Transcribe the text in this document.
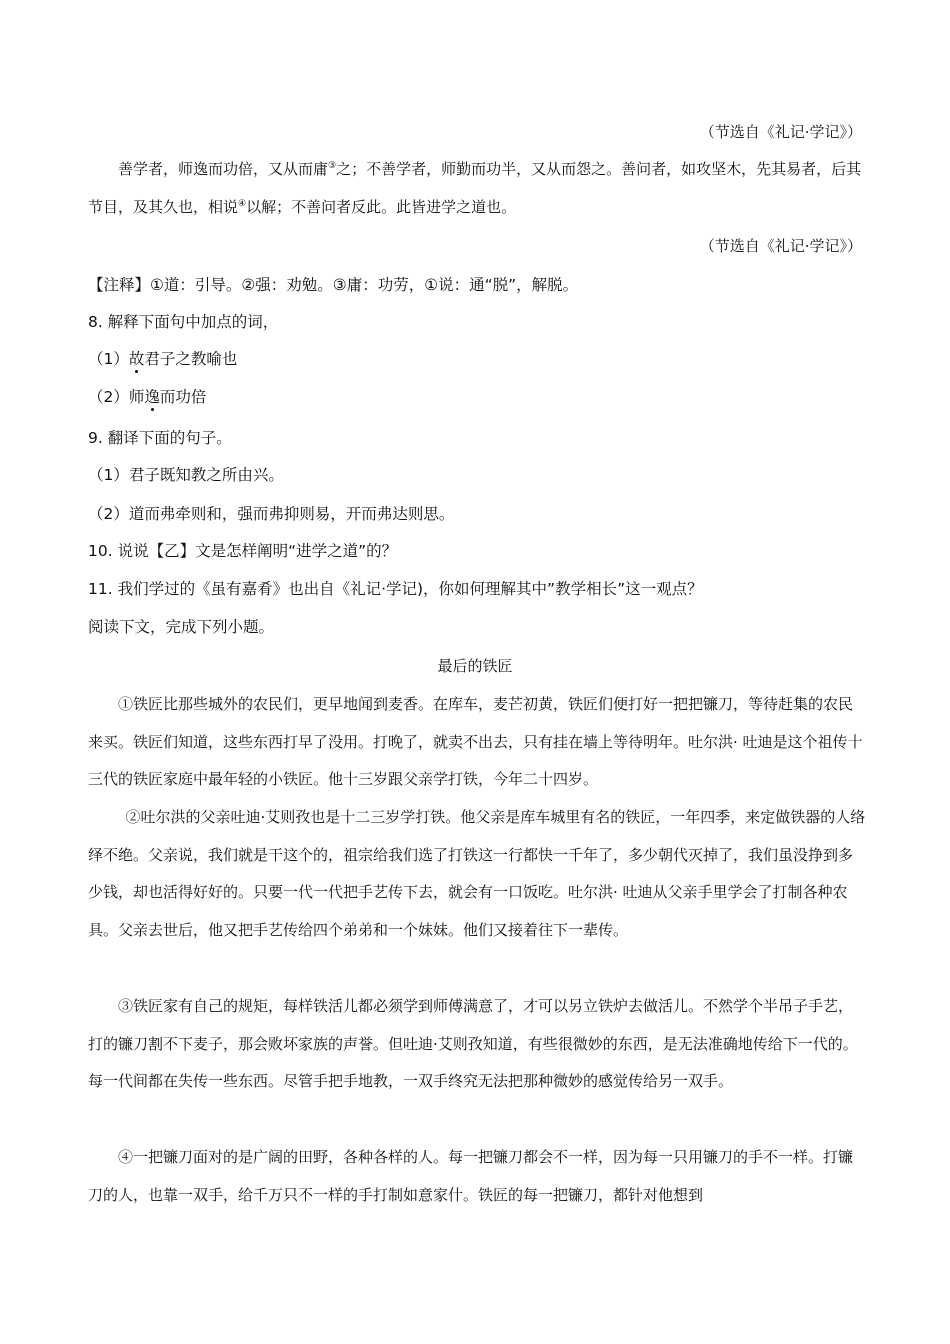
（节选自《礼记·学记》）

善学者，师逸而功倍，又从而庸③之；不善学者，师勤而功半，又从而怨之。善问者，如攻坚木，先其易者，后其节目，及其久也，相说④以解；不善问者反此。此皆进学之道也。

（节选自《礼记·学记》）
【注释】①道：引导。②强：劝勉。③庸：功劳，①说：通“脱”，解脱。
8. 解释下面句中加点的词，
（1）故君子之教喻也
（2）师逸而功倍
9. 翻译下面的句子。
（1）君子既知教之所由兴。
（2）道而弗牵则和，强而弗抑则易，开而弗达则思。
10. 说说【乙】文是怎样阐明“进学之道”的？
11. 我们学过的《虽有嘉肴》也出自《礼记·学记)，你如何理解其中”教学相长”这一观点？
阅读下文，完成下列小题。
最后的铁匠

①铁匠比那些城外的农民们，更早地闻到麦香。在库车，麦芒初黄，铁匠们便打好一把把镰刀，等待赶集的农民来买。铁匠们知道，这些东西打早了没用。打晚了，就卖不出去，只有挂在墙上等待明年。吐尔洪· 吐迪是这个祖传十三代的铁匠家庭中最年轻的小铁匠。他十三岁跟父亲学打铁，今年二十四岁。

②吐尔洪的父亲吐迪·艾则孜也是十二三岁学打铁。他父亲是库车城里有名的铁匠，一年四季，来定做铁器的人络绎不绝。父亲说，我们就是干这个的，祖宗给我们选了打铁这一行都快一千年了，多少朝代灭掉了，我们虽没挣到多少钱，却也活得好好的。只要一代一代把手艺传下去，就会有一口饭吃。吐尔洪· 吐迪从父亲手里学会了打制各种农具。父亲去世后，他又把手艺传给四个弟弟和一个妹妹。他们又接着往下一辈传。

③铁匠家有自己的规矩，每样铁活儿都必须学到师傅满意了，才可以另立铁炉去做活儿。不然学个半吊子手艺，打的镰刀割不下麦子，那会败坏家族的声誉。但吐迪·艾则孜知道，有些很微妙的东西，是无法准确地传给下一代的。每一代间都在失传一些东西。尽管手把手地教，一双手终究无法把那种微妙的感觉传给另一双手。

④一把镰刀面对的是广阔的田野，各种各样的人。每一把镰刀都会不一样，因为每一只用镰刀的手不一样。打镰刀的人，也靠一双手，给千万只不一样的手打制如意家什。铁匠的每一把镰刀，都针对他想到
